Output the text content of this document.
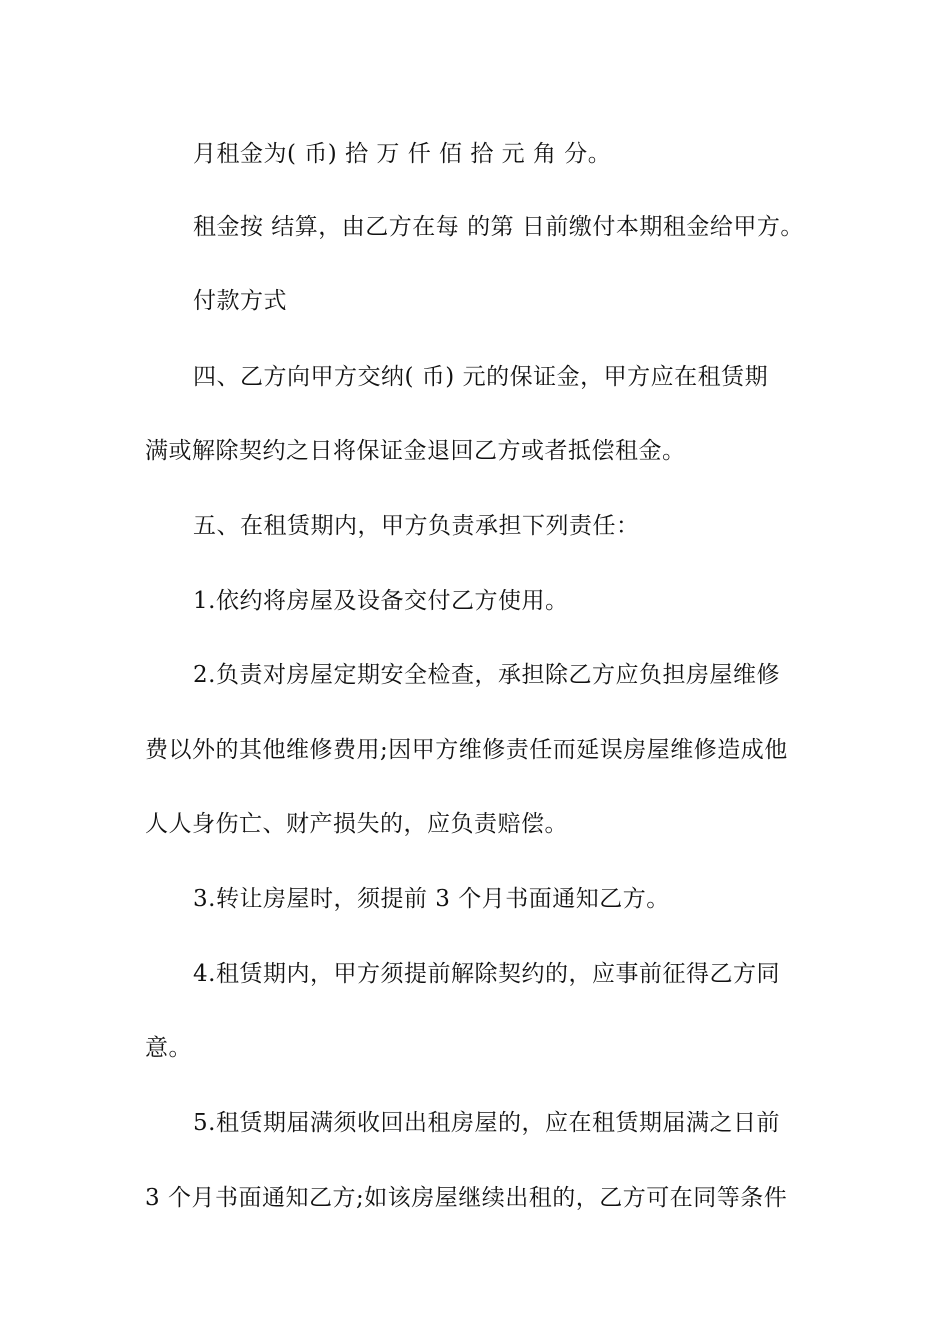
月租金为( 币) 拾 万 仟 佰 拾 元 角 分。
租金按 结算，由乙方在每 的第 日前缴付本期租金给甲方。
付款方式
四、乙方向甲方交纳( 币) 元的保证金，甲方应在租赁期
满或解除契约之日将保证金退回乙方或者抵偿租金。
五、在租赁期内，甲方负责承担下列责任：
1.依约将房屋及设备交付乙方使用。
2.负责对房屋定期安全检查，承担除乙方应负担房屋维修
费以外的其他维修费用;因甲方维修责任而延误房屋维修造成他
人人身伤亡、财产损失的，应负责赔偿。
3.转让房屋时，须提前 3 个月书面通知乙方。
4.租赁期内，甲方须提前解除契约的，应事前征得乙方同
意。
5.租赁期届满须收回出租房屋的，应在租赁期届满之日前
3 个月书面通知乙方;如该房屋继续出租的，乙方可在同等条件
